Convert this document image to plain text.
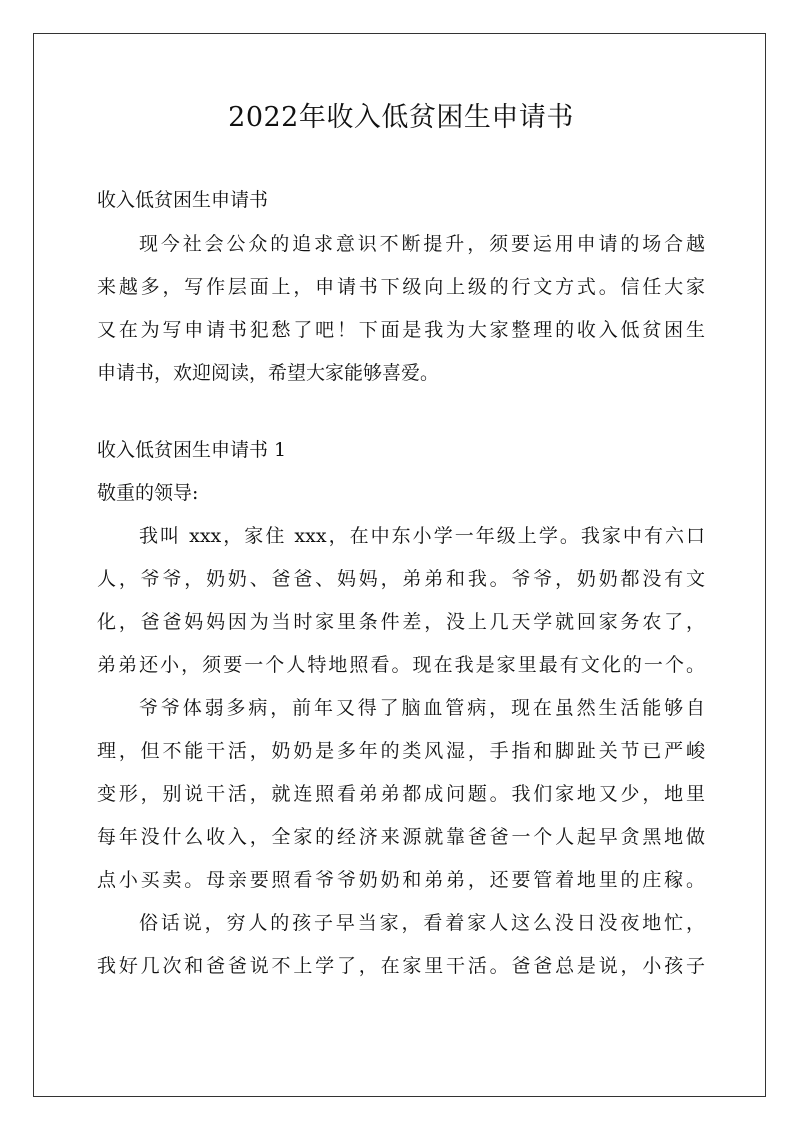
2022年收入低贫困生申请书

收入低贫困生申请书

现今社会公众的追求意识不断提升，须要运用申请的场合越

来越多，写作层面上，申请书下级向上级的行文方式。信任大家

又在为写申请书犯愁了吧！下面是我为大家整理的收入低贫困生

申请书，欢迎阅读，希望大家能够喜爱。

收入低贫困生申请书 1

敬重的领导:

我叫 xxx，家住 xxx，在中东小学一年级上学。我家中有六口

人，爷爷，奶奶、爸爸、妈妈，弟弟和我。爷爷，奶奶都没有文

化，爸爸妈妈因为当时家里条件差，没上几天学就回家务农了，

弟弟还小，须要一个人特地照看。现在我是家里最有文化的一个。

爷爷体弱多病，前年又得了脑血管病，现在虽然生活能够自

理，但不能干活，奶奶是多年的类风湿，手指和脚趾关节已严峻

变形，别说干活，就连照看弟弟都成问题。我们家地又少，地里

每年没什么收入，全家的经济来源就靠爸爸一个人起早贪黑地做

点小买卖。母亲要照看爷爷奶奶和弟弟，还要管着地里的庄稼。

俗话说，穷人的孩子早当家，看着家人这么没日没夜地忙，

我好几次和爸爸说不上学了，在家里干活。爸爸总是说，小孩子
